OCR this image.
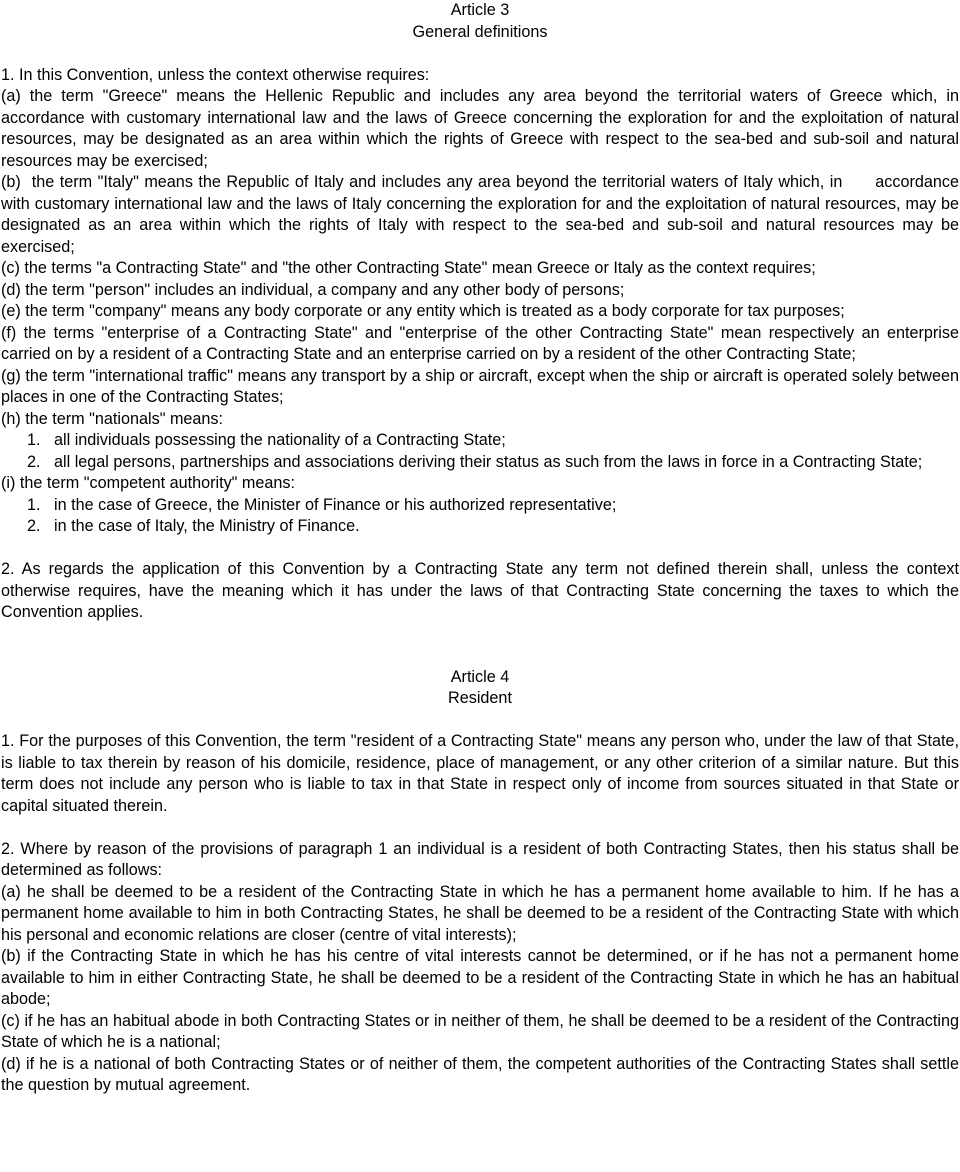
Article 3
General definitions

1. In this Convention, unless the context otherwise requires:

(a) the term "Greece" means the Hellenic Republic and includes any area beyond the territorial waters of Greece which, in accordance with customary international law and the laws of Greece concerning the exploration for and the exploitation of natural resources, may be designated as an area within which the rights of Greece with respect to the sea-bed and sub-soil and natural resources may be exercised;

(b)  the term "Italy" means the Republic of Italy and includes any area beyond the territorial waters of Italy which, in      accordance with customary international law and the laws of Italy concerning the exploration for and the exploitation of natural resources, may be designated as an area within which the rights of Italy with respect to the sea-bed and sub-soil and natural resources may be exercised;

(c) the terms "a Contracting State" and "the other Contracting State" mean Greece or Italy as the context requires;

(d) the term "person" includes an individual, a company and any other body of persons;

(e) the term "company" means any body corporate or any entity which is treated as a body corporate for tax purposes;

(f) the terms "enterprise of a Contracting State" and "enterprise of the other Contracting State" mean respectively an enterprise carried on by a resident of a Contracting State and an enterprise carried on by a resident of the other Contracting State;

(g) the term "international traffic" means any transport by a ship or aircraft, except when the ship or aircraft is operated solely between places in one of the Contracting States;

(h) the term "nationals" means:

1. all individuals possessing the nationality of a Contracting State;
2. all legal persons, partnerships and associations deriving their status as such from the laws in force in a Contracting State;

(i) the term "competent authority" means:

1. in the case of Greece, the Minister of Finance or his authorized representative;
2. in the case of Italy, the Ministry of Finance.

2. As regards the application of this Convention by a Contracting State any term not defined therein shall, unless the context otherwise requires, have the meaning which it has under the laws of that Contracting State concerning the taxes to which the Convention applies.

Article 4
Resident

1. For the purposes of this Convention, the term "resident of a Contracting State" means any person who, under the law of that State, is liable to tax therein by reason of his domicile, residence, place of management, or any other criterion of a similar nature. But this term does not include any person who is liable to tax in that State in respect only of income from sources situated in that State or capital situated therein.

2. Where by reason of the provisions of paragraph 1 an individual is a resident of both Contracting States, then his status shall be determined as follows:

(a) he shall be deemed to be a resident of the Contracting State in which he has a permanent home available to him. If he has a permanent home available to him in both Contracting States, he shall be deemed to be a resident of the Contracting State with which his personal and economic relations are closer (centre of vital interests);

(b) if the Contracting State in which he has his centre of vital interests cannot be determined, or if he has not a permanent home available to him in either Contracting State, he shall be deemed to be a resident of the Contracting State in which he has an habitual abode;

(c) if he has an habitual abode in both Contracting States or in neither of them, he shall be deemed to be a resident of the Contracting State of which he is a national;

(d) if he is a national of both Contracting States or of neither of them, the competent authorities of the Contracting States shall settle the question by mutual agreement.
